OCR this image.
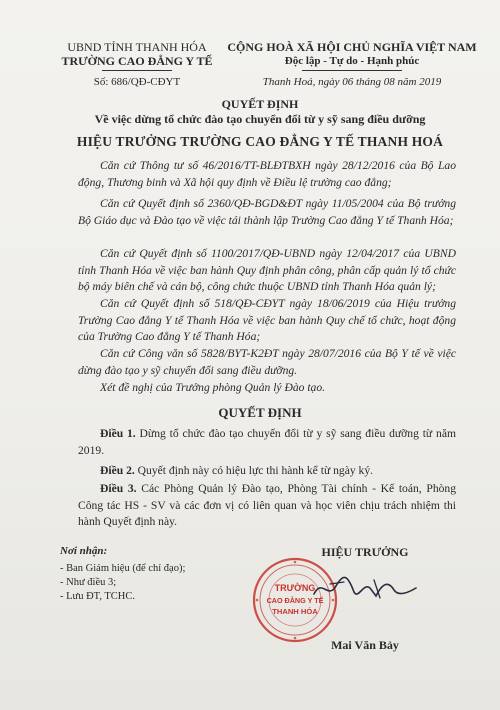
UBND TỈNH THANH HÓA
TRƯỜNG CAO ĐẲNG Y TẾ
Số: 686/QĐ-CĐYT
CỘNG HOÀ XÃ HỘI CHỦ NGHĨA VIỆT NAM
Độc lập - Tự do - Hạnh phúc
Thanh Hoá, ngày 06 tháng 08 năm 2019
QUYẾT ĐỊNH
Về việc dừng tổ chức đào tạo chuyển đổi từ y sỹ sang điều dưỡng
HIỆU TRƯỞNG TRƯỜNG CAO ĐẲNG Y TẾ THANH HOÁ
Căn cứ Thông tư số 46/2016/TT-BLĐTBXH ngày 28/12/2016 của Bộ Lao động, Thương binh và Xã hội quy định về Điều lệ trường cao đẳng;
Căn cứ Quyết định số 2360/QĐ-BGD&ĐT ngày 11/05/2004 của Bộ trưởng Bộ Giáo dục và Đào tạo về việc tái thành lập Trường Cao đẳng Y tế Thanh Hóa;
Căn cứ Quyết định số 1100/2017/QĐ-UBND ngày 12/04/2017 của UBND tỉnh Thanh Hóa về việc ban hành Quy định phân công, phân cấp quản lý tổ chức bộ máy biên chế và cán bộ, công chức thuộc UBND tỉnh Thanh Hóa quản lý;
Căn cứ Quyết định số 518/QĐ-CĐYT ngày 18/06/2019 của Hiệu trưởng Trường Cao đẳng Y tế Thanh Hóa về việc ban hành Quy chế tổ chức, hoạt động của Trường Cao đẳng Y tế Thanh Hóa;
Căn cứ Công văn số 5828/BYT-K2ĐT ngày 28/07/2016 của Bộ Y tế về việc dừng đào tạo y sỹ chuyển đổi sang điều dưỡng.
Xét đề nghị của Trưởng phòng Quản lý Đào tạo.
QUYẾT ĐỊNH
Điều 1. Dừng tổ chức đào tạo chuyển đổi từ y sỹ sang điều dưỡng từ năm 2019.
Điều 2. Quyết định này có hiệu lực thi hành kể từ ngày ký.
Điều 3. Các Phòng Quản lý Đào tạo, Phòng Tài chính - Kế toán, Phòng Công tác HS - SV và các đơn vị có liên quan và học viên chịu trách nhiệm thi hành Quyết định này.
Nơi nhận:
- Ban Giám hiệu (để chỉ đạo);
- Như điều 3;
- Lưu ĐT, TCHC.
HIỆU TRƯỞNG
TRƯỜNG
CAO ĐẲNG Y TẾ
THANH HÓA
Mai Văn Bảy
